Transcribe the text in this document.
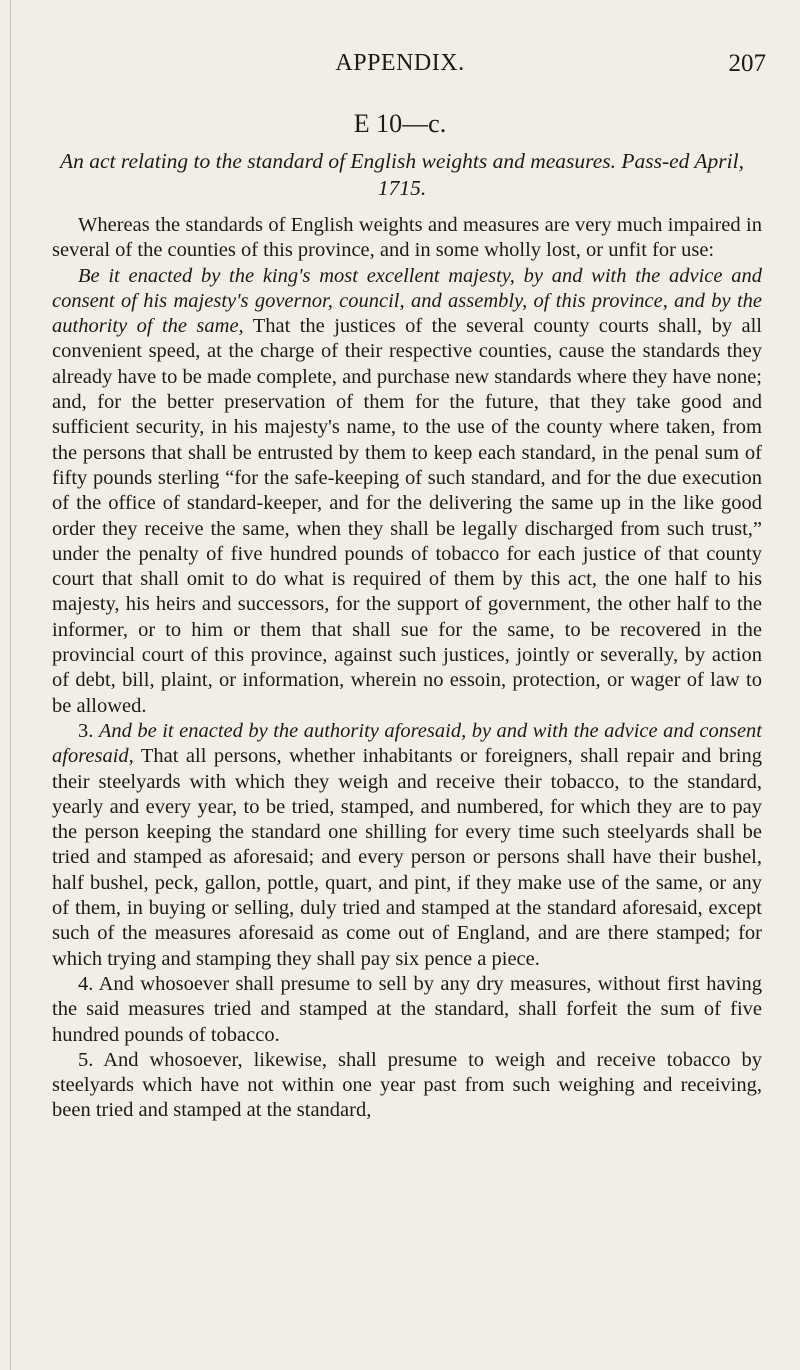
APPENDIX.	207
E 10—c.
An act relating to the standard of English weights and measures. Pass-ed April, 1715.

Whereas the standards of English weights and measures are very much impaired in several of the counties of this province, and in some wholly lost, or unfit for use:

Be it enacted by the king's most excellent majesty, by and with the advice and consent of his majesty's governor, council, and assembly, of this province, and by the authority of the same, That the justices of the several county courts shall, by all convenient speed, at the charge of their respective counties, cause the standards they already have to be made complete, and purchase new standards where they have none; and, for the better preservation of them for the future, that they take good and sufficient security, in his majesty's name, to the use of the county where taken, from the persons that shall be entrusted by them to keep each standard, in the penal sum of fifty pounds sterling “for the safe-keeping of such standard, and for the due execution of the office of standard-keeper, and for the delivering the same up in the like good order they receive the same, when they shall be legally discharged from such trust,” under the penalty of five hundred pounds of tobacco for each justice of that county court that shall omit to do what is required of them by this act, the one half to his majesty, his heirs and successors, for the support of government, the other half to the informer, or to him or them that shall sue for the same, to be recovered in the provincial court of this province, against such justices, jointly or severally, by action of debt, bill, plaint, or information, wherein no essoin, protection, or wager of law to be allowed.

3. And be it enacted by the authority aforesaid, by and with the advice and consent aforesaid, That all persons, whether inhabitants or foreigners, shall repair and bring their steelyards with which they weigh and receive their tobacco, to the standard, yearly and every year, to be tried, stamped, and numbered, for which they are to pay the person keeping the standard one shilling for every time such steelyards shall be tried and stamped as aforesaid; and every person or persons shall have their bushel, half bushel, peck, gallon, pottle, quart, and pint, if they make use of the same, or any of them, in buying or selling, duly tried and stamped at the standard aforesaid, except such of the measures aforesaid as come out of England, and are there stamped; for which trying and stamping they shall pay six pence a piece.

4. And whosoever shall presume to sell by any dry measures, without first having the said measures tried and stamped at the standard, shall forfeit the sum of five hundred pounds of tobacco.

5. And whosoever, likewise, shall presume to weigh and receive tobacco by steelyards which have not within one year past from such weighing and receiving, been tried and stamped at the standard,
